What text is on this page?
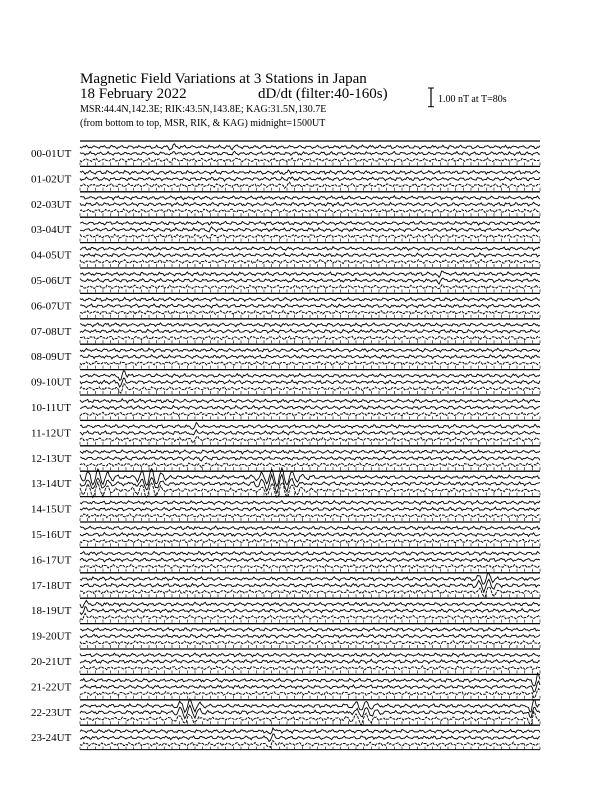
Magnetic Field Variations at 3 Stations in Japan
18 February 2022	dD/dt (filter:40-160s)
MSR:44.4N,142.3E; RIK:43.5N,143.8E; KAG:31.5N,130.7E
(from bottom to top, MSR, RIK, & KAG) midnight=1500UT
1.00 nT at T=80s
00-01UT
01-02UT
02-03UT
03-04UT
04-05UT
05-06UT
06-07UT
07-08UT
08-09UT
09-10UT
10-11UT
11-12UT
12-13UT
13-14UT
14-15UT
15-16UT
16-17UT
17-18UT
18-19UT
19-20UT
20-21UT
21-22UT
22-23UT
23-24UT
